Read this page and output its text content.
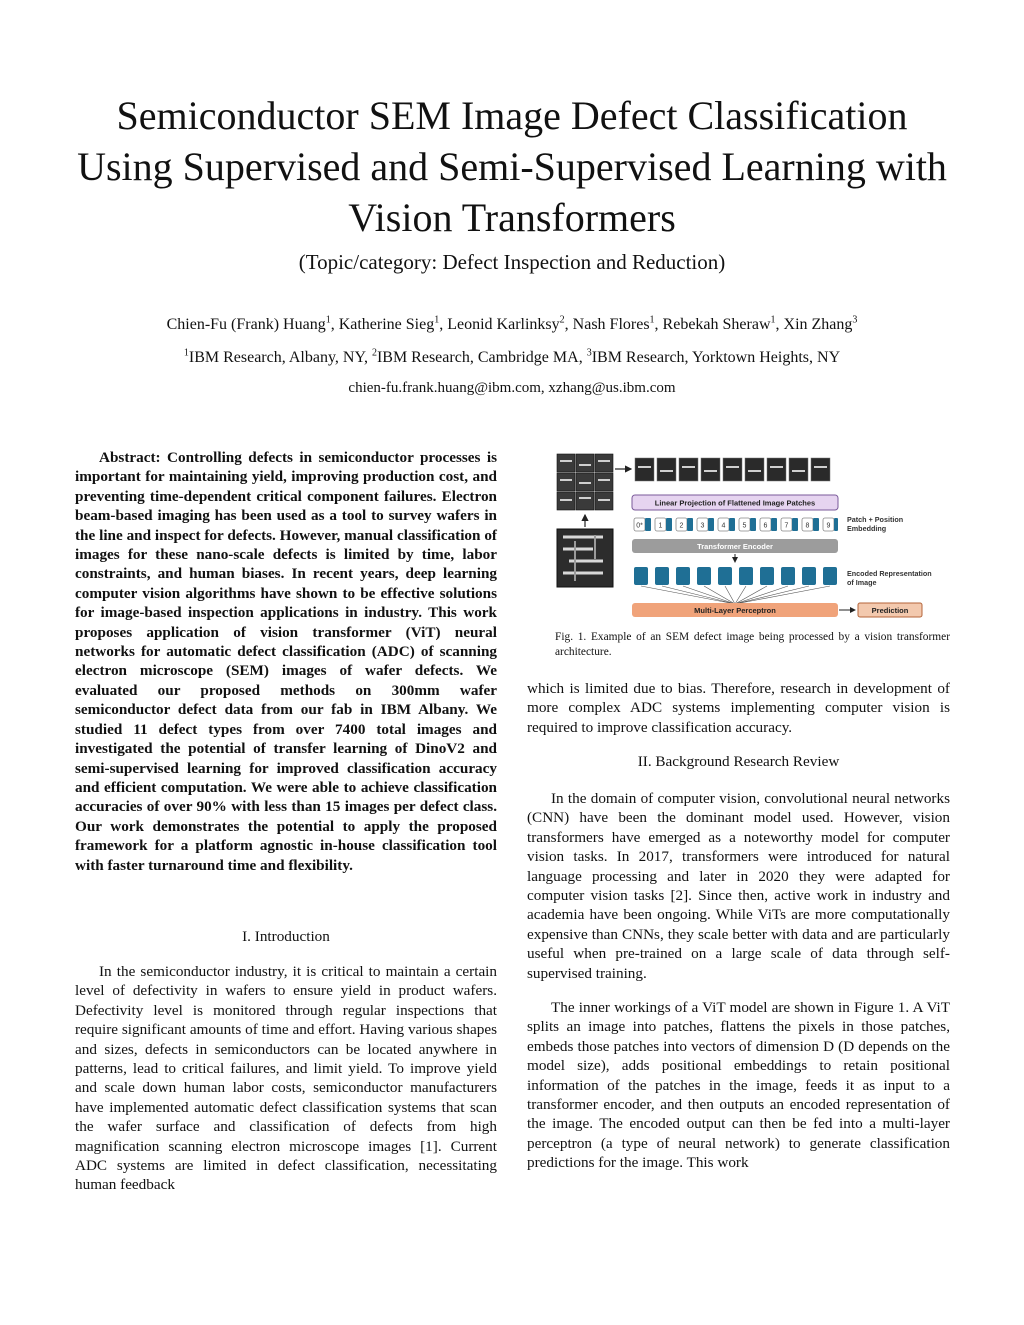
Semiconductor SEM Image Defect Classification
Using Supervised and Semi-Supervised Learning with
Vision Transformers
(Topic/category: Defect Inspection and Reduction)
Chien-Fu (Frank) Huang$^1$, Katherine Sieg$^1$, Leonid Karlinksy$^2$, Nash Flores$^1$, Rebekah Sheraw$^1$, Xin Zhang$^3$
$^1$IBM Research, Albany, NY, $^2$IBM Research, Cambridge MA, $^3$IBM Research, Yorktown Heights, NY
chien-fu.frank.huang@ibm.com, xzhang@us.ibm.com
Abstract: Controlling defects in semiconductor processes is important for maintaining yield, improving production cost, and preventing time-dependent critical component failures. Electron beam-based imaging has been used as a tool to survey wafers in the line and inspect for defects. However, manual classification of images for these nano-scale defects is limited by time, labor constraints, and human biases. In recent years, deep learning computer vision algorithms have shown to be effective solutions for image-based inspection applications in industry. This work proposes application of vision transformer (ViT) neural networks for automatic defect classification (ADC) of scanning electron microscope (SEM) images of wafer defects. We evaluated our proposed methods on 300mm wafer semiconductor defect data from our fab in IBM Albany. We studied 11 defect types from over 7400 total images and investigated the potential of transfer learning of DinoV2 and semi-supervised learning for improved classification accuracy and efficient computation. We were able to achieve classification accuracies of over 90% with less than 15 images per defect class. Our work demonstrates the potential to apply the proposed framework for a platform agnostic in-house classification tool with faster turnaround time and flexibility.
I. Introduction

In the semiconductor industry, it is critical to maintain a certain level of defectivity in wafers to ensure yield in product wafers. Defectivity level is monitored through regular inspections that require significant amounts of time and effort. Having various shapes and sizes, defects in semiconductors can be located anywhere in patterns, lead to critical failures, and limit yield. To improve yield and scale down human labor costs, semiconductor manufacturers have implemented automatic defect classification systems that scan the wafer surface and classification of defects from high magnification scanning electron microscope images [1]. Current ADC systems are limited in defect classification, necessitating human feedback

Linear Projection of Flattened Image Patches
0* 1 2 3 4 5 6 7 8 9
Patch + Position
Embedding
Transformer Encoder
Encoded Representation
of Image
Multi-Layer Perceptron	Prediction
Fig. 1. Example of an SEM defect image being processed by a vision transformer architecture.

which is limited due to bias. Therefore, research in development of more complex ADC systems implementing computer vision is required to improve classification accuracy.

II. Background Research Review

In the domain of computer vision, convolutional neural networks (CNN) have been the dominant model used. However, vision transformers have emerged as a noteworthy model for computer vision tasks. In 2017, transformers were introduced for natural language processing and later in 2020 they were adapted for computer vision tasks [2]. Since then, active work in industry and academia have been ongoing. While ViTs are more computationally expensive than CNNs, they scale better with data and are particularly useful when pre-trained on a large scale of data through self-supervised training.

The inner workings of a ViT model are shown in Figure 1. A ViT splits an image into patches, flattens the pixels in those patches, embeds those patches into vectors of dimension D (D depends on the model size), adds positional embeddings to retain positional information of the patches in the image, feeds it as input to a transformer encoder, and then outputs an encoded representation of the image. The encoded output can then be fed into a multi-layer perceptron (a type of neural network) to generate classification predictions for the image. This work
